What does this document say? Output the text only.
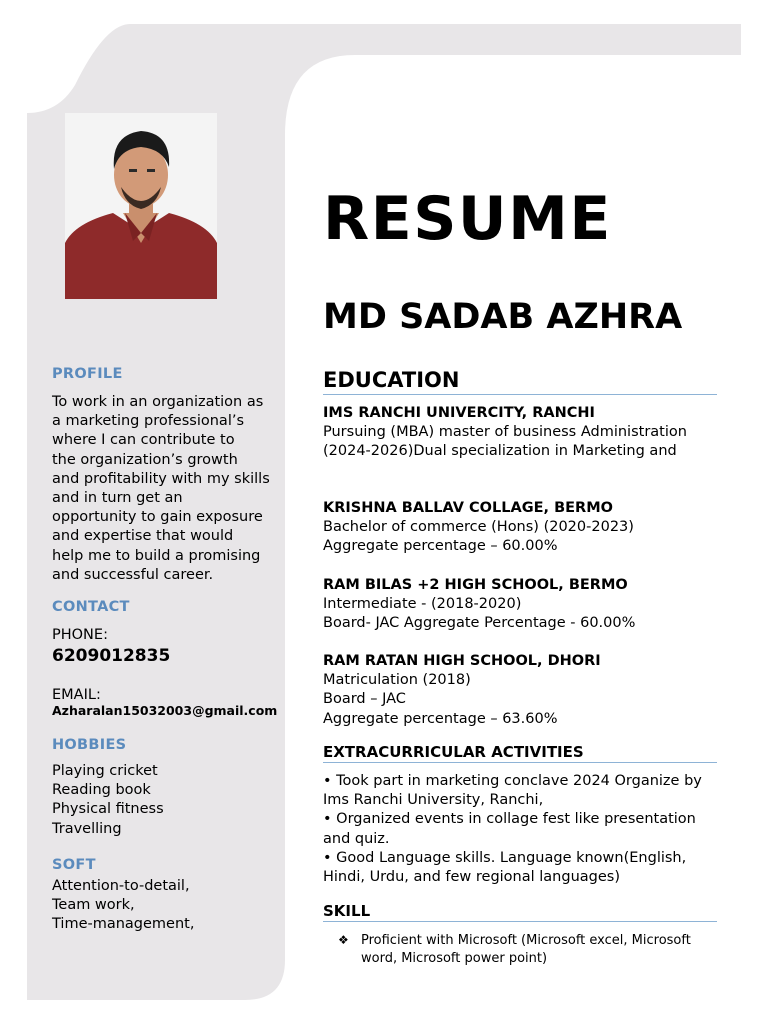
PROFILE
To work in an organization as
a marketing professional’s
where I can contribute to
the organization’s growth
and profitability with my skills
and in turn get an
opportunity to gain exposure
and expertise that would
help me to build a promising
and successful career.
CONTACT
PHONE:
6209012835
EMAIL:
Azharalan15032003@gmail.com
HOBBIES
Playing cricket
Reading book
Physical fitness
Travelling
SOFT
Attention-to-detail,
Team work,
Time-management,
RESUME
MD SADAB AZHRA
EDUCATION
IMS RANCHI UNIVERCITY, RANCHI
Pursuing (MBA) master of business Administration
(2024-2026)Dual specialization in Marketing and
KRISHNA BALLAV COLLAGE, BERMO
Bachelor of commerce (Hons) (2020-2023)
Aggregate percentage – 60.00%
RAM BILAS +2 HIGH SCHOOL, BERMO
Intermediate - (2018-2020)
Board- JAC Aggregate Percentage - 60.00%
RAM RATAN HIGH SCHOOL, DHORI
Matriculation (2018)
Board – JAC
Aggregate percentage – 63.60%
EXTRACURRICULAR ACTIVITIES
• Took part in marketing conclave 2024 Organize by
Ims Ranchi University, Ranchi,
• Organized events in collage fest like presentation
and quiz.
• Good Language skills. Language known(English,
Hindi, Urdu, and few regional languages)
SKILL
❖ Proficient with Microsoft (Microsoft excel, Microsoft word, Microsoft power point)
